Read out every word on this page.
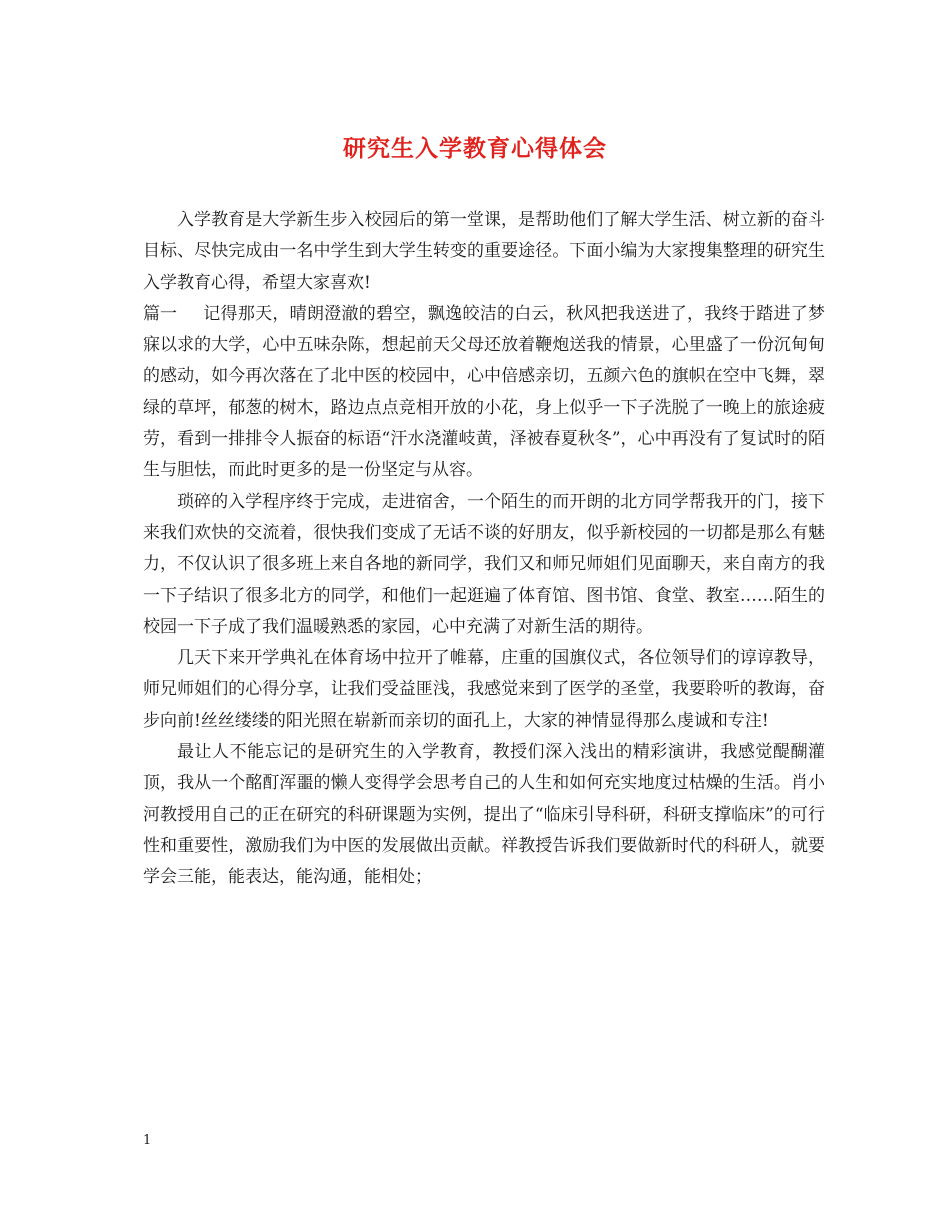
研究生入学教育心得体会

入学教育是大学新生步入校园后的第一堂课，是帮助他们了解大学生活、树立新的奋斗目标、尽快完成由一名中学生到大学生转变的重要途径。下面小编为大家搜集整理的研究生入学教育心得，希望大家喜欢!

篇一 记得那天，晴朗澄澈的碧空，飘逸皎洁的白云，秋风把我送进了，我终于踏进了梦寐以求的大学，心中五味杂陈，想起前天父母还放着鞭炮送我的情景，心里盛了一份沉甸甸的感动，如今再次落在了北中医的校园中，心中倍感亲切，五颜六色的旗帜在空中飞舞，翠绿的草坪，郁葱的树木，路边点点竞相开放的小花，身上似乎一下子洗脱了一晚上的旅途疲劳，看到一排排令人振奋的标语“汗水浇灌岐黄，泽被春夏秋冬”，心中再没有了复试时的陌生与胆怯，而此时更多的是一份坚定与从容。

琐碎的入学程序终于完成，走进宿舍，一个陌生的而开朗的北方同学帮我开的门，接下来我们欢快的交流着，很快我们变成了无话不谈的好朋友，似乎新校园的一切都是那么有魅力，不仅认识了很多班上来自各地的新同学，我们又和师兄师姐们见面聊天，来自南方的我一下子结识了很多北方的同学，和他们一起逛遍了体育馆、图书馆、食堂、教室……陌生的校园一下子成了我们温暖熟悉的家园，心中充满了对新生活的期待。

几天下来开学典礼在体育场中拉开了帷幕，庄重的国旗仪式，各位领导们的谆谆教导，师兄师姐们的心得分享，让我们受益匪浅，我感觉来到了医学的圣堂，我要聆听的教诲，奋步向前!丝丝缕缕的阳光照在崭新而亲切的面孔上，大家的神情显得那么虔诚和专注!

最让人不能忘记的是研究生的入学教育，教授们深入浅出的精彩演讲，我感觉醍醐灌顶，我从一个酩酊浑噩的懒人变得学会思考自己的人生和如何充实地度过枯燥的生活。肖小河教授用自己的正在研究的科研课题为实例，提出了“临床引导科研，科研支撑临床”的可行性和重要性，激励我们为中医的发展做出贡献。祥教授告诉我们要做新时代的科研人，就要学会三能，能表达，能沟通，能相处；

1
